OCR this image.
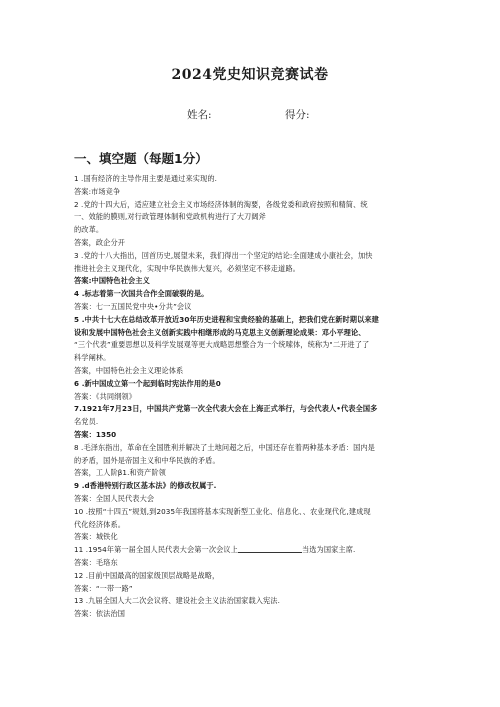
2024党史知识竞赛试卷
姓名:	得分:
一、填空题（每题1分）
1 .国有经济的主导作用主要是通过来实现的.
答案:市场竞争
2 .党的十四大后，适应建立社会主义市场经济体制的淘要，各级党委和政府按照和精简、统
一、效能的膜则,对行政管理体制和党政机构进行了大刀阔斧
的改革。
答案，政企分开
3 .党的十八大指出，回首历史,展望未来，我们得出一个坚定的结论:全面建成小康社会，加快
推进社会主义现代化，实现中华民族伟大复兴，必须坚定不移走道路。
答案:中国特色社会主义
4 .标志着第一次国共合作全面破裂的是。
答案：七一五国民党中央•分共”会议
5 .中共十七大在总结改革开放近30年历史进程和宝贵经验的基础上，把我们党在新时期以来建
设和发展中国特色社会主义创新实践中相继形成的马克思主义创新理论成果：邓小平理论、
“三个代表”重要思想以及科学发展观等更大成略思想整合为一个统嗦体，统称为"二开进了了
科学阐林。
答案，中国特色社会主义理论体系
6 .新中国成立第一个起到临时宪法作用的是0
答案：《共同纲领》
7.1921年7月23日，中国共产党第一次全代表大会在上海正式举行，与会代表人•代表全国多
名党员.
答案：1350
8 .毛泽东指出，革命在全国胜利并解决了土地问超之后，中国还存在着两种基本矛盾：国内是
的矛盾，国外是帝国主义和中华民族的矛盾。
答案，工人阶β1.和资产阶领
9 .d香港特别行政区基本法》的修改权属于.
答案：全国人民代表大会
10 .按照“十四五”规划,到2035年我国将基本实现新型工业化、信息化、、农业现代化,建成现
代化经济体系。
答案：城铁化
11 .1954年第一届全国人民代表大会第一次会议上	当选为国家主席.
答案：毛珞东
12 .目前中国最高的国家级顶层战略是战略，
答案：“一带一路”
13 .九届全国人大二次会议将、建设社会主义法治国家载入宪法.
答案：依法治国
